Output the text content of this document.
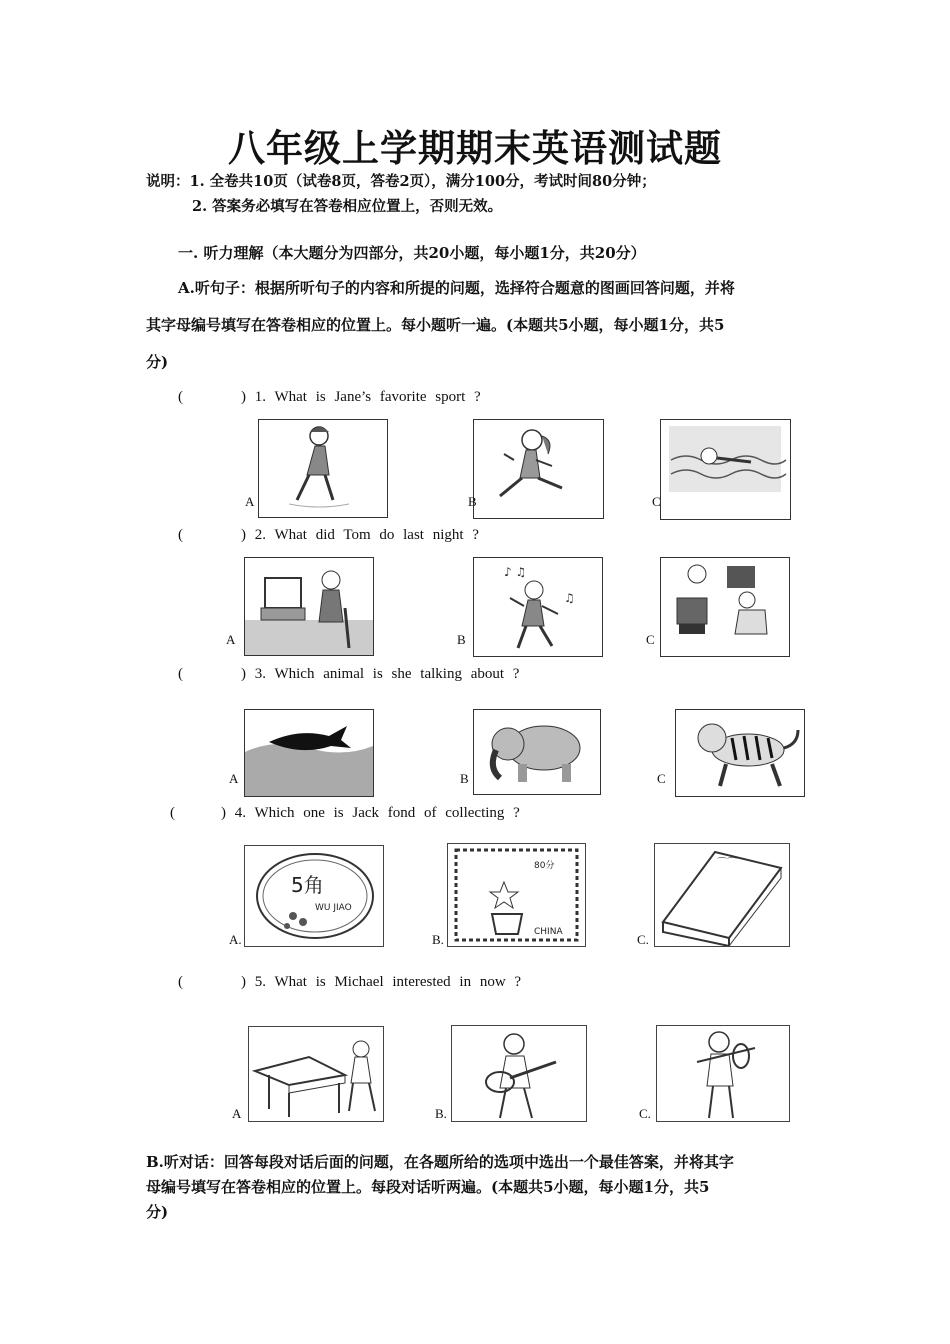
八年级上学期期末英语测试题
说明：1. 全卷共10页（试卷8页，答卷2页），满分100分，考试时间80分钟；
2. 答案务必填写在答卷相应位置上，否则无效。
一. 听力理解（本大题分为四部分，共20小题，每小题1分，共20分）
A.听句子：根据所听句子的内容和所提的问题，选择符合题意的图画回答问题，并将
其字母编号填写在答卷相应的位置上。每小题听一遍。(本题共5小题，每小题1分，共5
分)
(	) 1. What is Jane’s favorite sport ?
A	B	C
(	) 2. What did Tom do last night ?
A
♪ ♫
♫
B	C
(	) 3. Which animal is she talking about ?
A	B	C
(	) 4. Which one is Jack fond of collecting ?
5角
WU JIAO
A.
80分
CHINA
B.
⌒⌒
C.
(	) 5. What is Michael interested in now ?
A	B.	C.
B.听对话：回答每段对话后面的问题，在各题所给的选项中选出一个最佳答案，并将其字
母编号填写在答卷相应的位置上。每段对话听两遍。(本题共5小题，每小题1分，共5
分)
